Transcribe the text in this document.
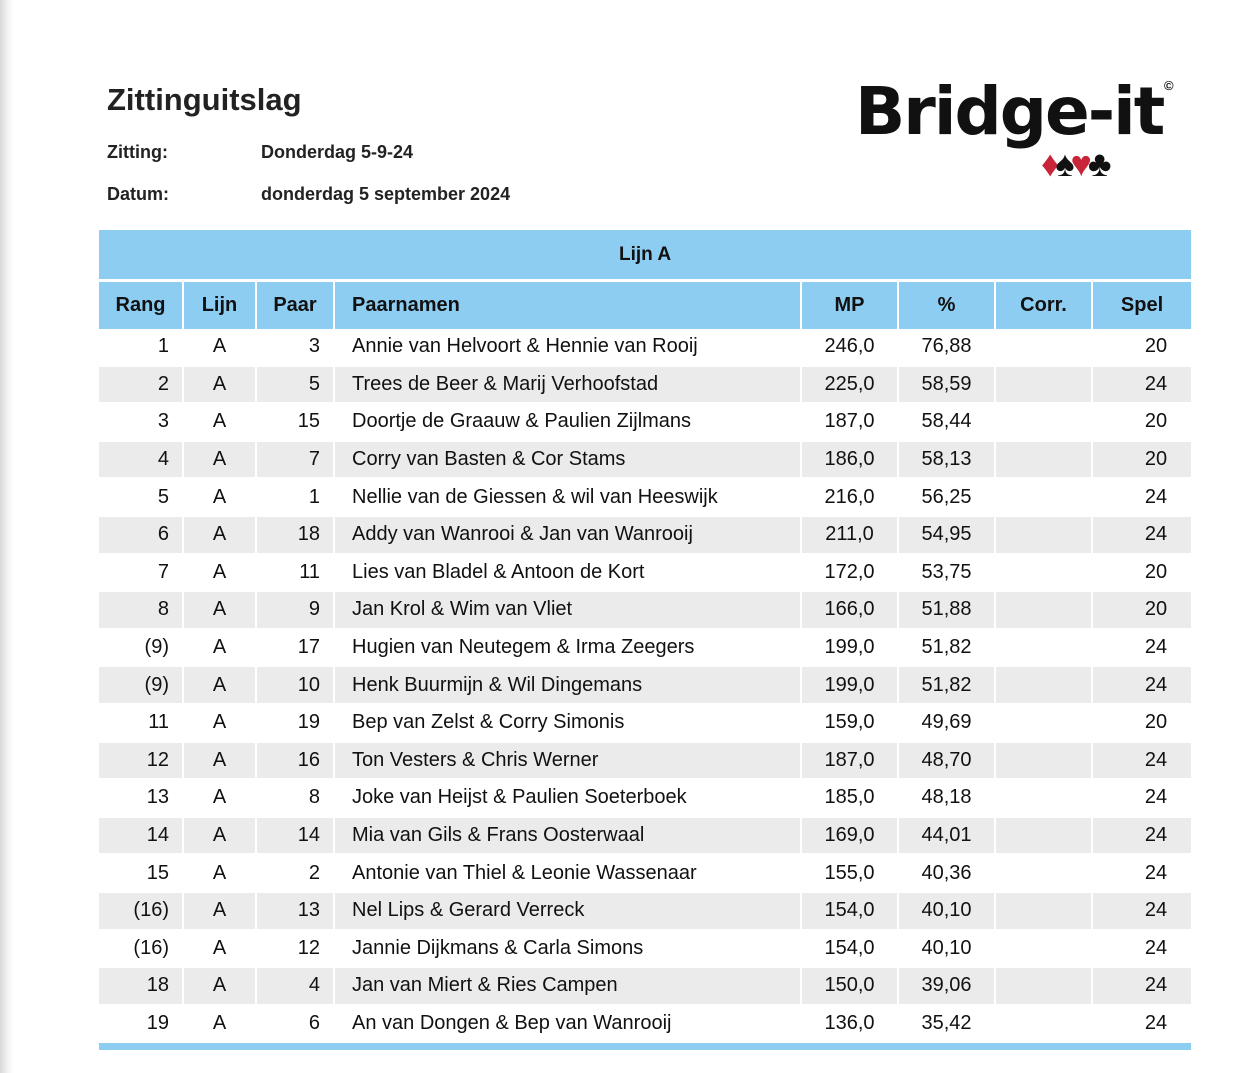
Zittinguitslag
Zitting:	Donderdag 5-9-24
Datum:	donderdag 5 september 2024
Bridge-it ©
♦♠♥♣
Lijn A							
Rang	Lijn	Paar	Paarnamen	MP	%	Corr.	Spel
1	A	3	Annie van Helvoort & Hennie van Rooij	246,0	76,88		20
2	A	5	Trees de Beer & Marij Verhoofstad	225,0	58,59		24
3	A	15	Doortje de Graauw & Paulien Zijlmans	187,0	58,44		20
4	A	7	Corry van Basten & Cor Stams	186,0	58,13		20
5	A	1	Nellie van de Giessen & wil van Heeswijk	216,0	56,25		24
6	A	18	Addy van Wanrooi & Jan van Wanrooij	211,0	54,95		24
7	A	11	Lies van Bladel & Antoon de Kort	172,0	53,75		20
8	A	9	Jan Krol & Wim van Vliet	166,0	51,88		20
(9)	A	17	Hugien van Neutegem & Irma Zeegers	199,0	51,82		24
(9)	A	10	Henk Buurmijn & Wil Dingemans	199,0	51,82		24
11	A	19	Bep van Zelst & Corry Simonis	159,0	49,69		20
12	A	16	Ton Vesters & Chris Werner	187,0	48,70		24
13	A	8	Joke van Heijst & Paulien Soeterboek	185,0	48,18		24
14	A	14	Mia van Gils & Frans Oosterwaal	169,0	44,01		24
15	A	2	Antonie van Thiel & Leonie Wassenaar	155,0	40,36		24
(16)	A	13	Nel Lips & Gerard Verreck	154,0	40,10		24
(16)	A	12	Jannie Dijkmans & Carla Simons	154,0	40,10		24
18	A	4	Jan van Miert & Ries Campen	150,0	39,06		24
19	A	6	An van Dongen & Bep van Wanrooij	136,0	35,42		24
